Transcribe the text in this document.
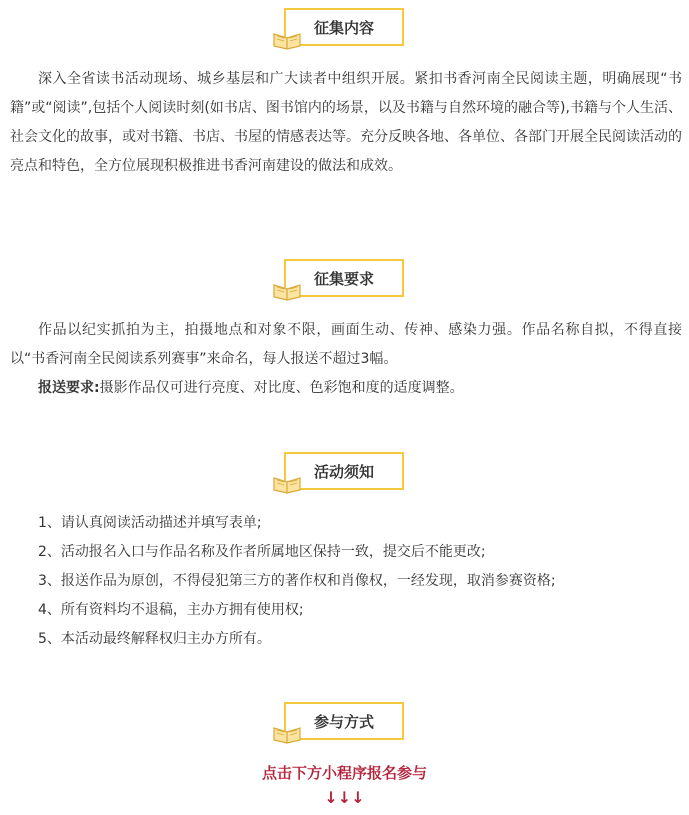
征集内容
深入全省读书活动现场、城乡基层和广大读者中组织开展。紧扣书香河南全民阅读主题，明确展现“书籍”或“阅读”,包括个人阅读时刻(如书店、图书馆内的场景，以及书籍与自然环境的融合等),书籍与个人生活、社会文化的故事，或对书籍、书店、书屋的情感表达等。充分反映各地、各单位、各部门开展全民阅读活动的亮点和特色，全方位展现积极推进书香河南建设的做法和成效。
征集要求
作品以纪实抓拍为主，拍摄地点和对象不限，画面生动、传神、感染力强。作品名称自拟，不得直接以“书香河南全民阅读系列赛事”来命名，每人报送不超过3幅。
报送要求:摄影作品仅可进行亮度、对比度、色彩饱和度的适度调整。
活动须知
1、请认真阅读活动描述并填写表单;
2、活动报名入口与作品名称及作者所属地区保持一致，提交后不能更改;
3、报送作品为原创，不得侵犯第三方的著作权和肖像权，一经发现，取消参赛资格;
4、所有资料均不退稿，主办方拥有使用权;
5、本活动最终解释权归主办方所有。
参与方式
点击下方小程序报名参与
↓↓↓
